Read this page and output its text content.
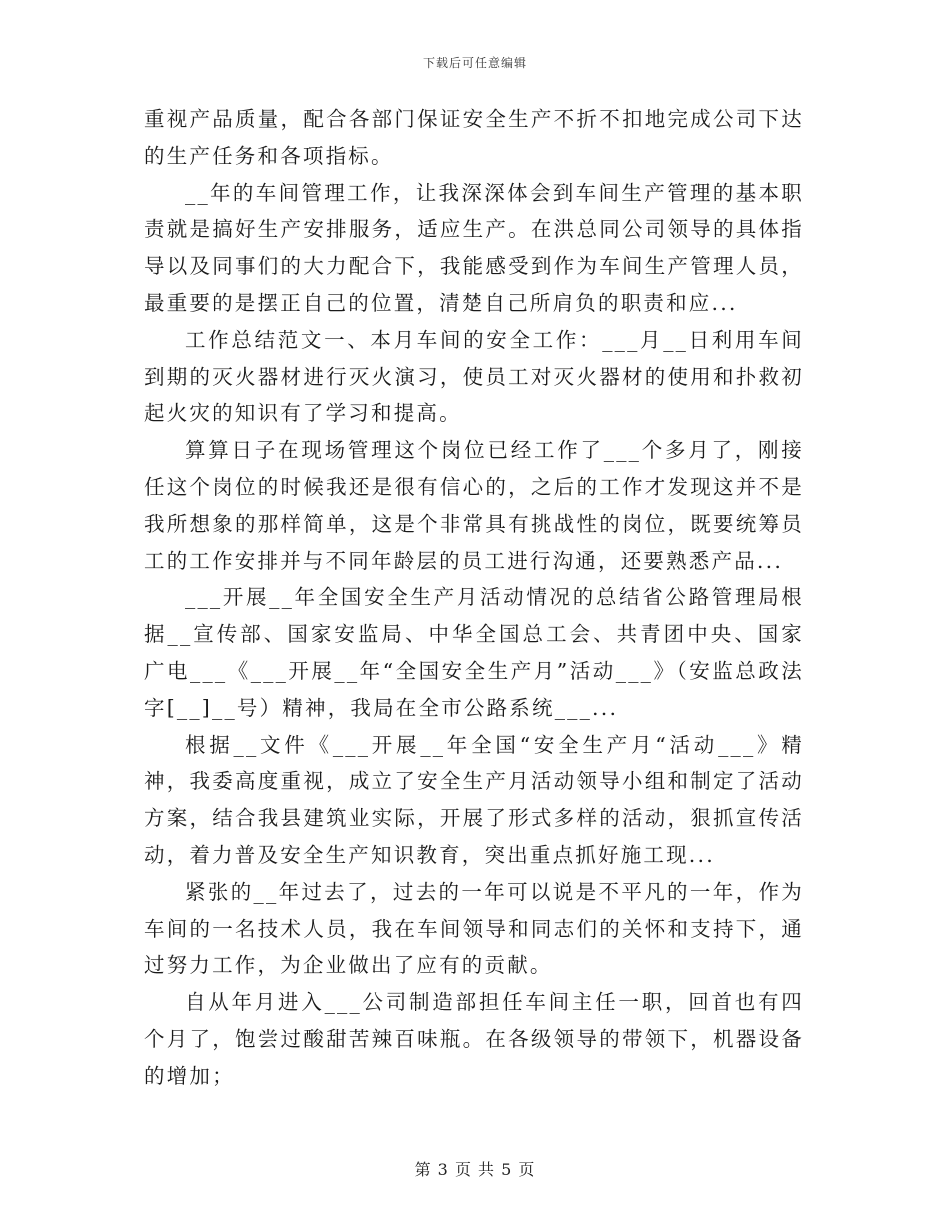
下载后可任意编辑

重视产品质量，配合各部门保证安全生产不折不扣地完成公司下达的生产任务和各项指标。

__年的车间管理工作，让我深深体会到车间生产管理的基本职责就是搞好生产安排服务，适应生产。在洪总同公司领导的具体指导以及同事们的大力配合下，我能感受到作为车间生产管理人员，最重要的是摆正自己的位置，清楚自己所肩负的职责和应...

工作总结范文一、本月车间的安全工作：___月__日利用车间到期的灭火器材进行灭火演习，使员工对灭火器材的使用和扑救初起火灾的知识有了学习和提高。

算算日子在现场管理这个岗位已经工作了___个多月了，刚接任这个岗位的时候我还是很有信心的，之后的工作才发现这并不是我所想象的那样简单，这是个非常具有挑战性的岗位，既要统筹员工的工作安排并与不同年龄层的员工进行沟通，还要熟悉产品...

___开展__年全国安全生产月活动情况的总结省公路管理局根据__宣传部、国家安监局、中华全国总工会、共青团中央、国家广电___《___开展__年“全国安全生产月”活动___》（安监总政法字[__]__号）精神，我局在全市公路系统___...

根据__文件《___开展__年全国“安全生产月“活动___》精神，我委高度重视，成立了安全生产月活动领导小组和制定了活动方案，结合我县建筑业实际，开展了形式多样的活动，狠抓宣传活动，着力普及安全生产知识教育，突出重点抓好施工现...

紧张的__年过去了，过去的一年可以说是不平凡的一年，作为车间的一名技术人员，我在车间领导和同志们的关怀和支持下，通过努力工作，为企业做出了应有的贡献。

自从年月进入___公司制造部担任车间主任一职，回首也有四个月了，饱尝过酸甜苦辣百味瓶。在各级领导的带领下，机器设备的增加；

第 3 页 共 5 页
